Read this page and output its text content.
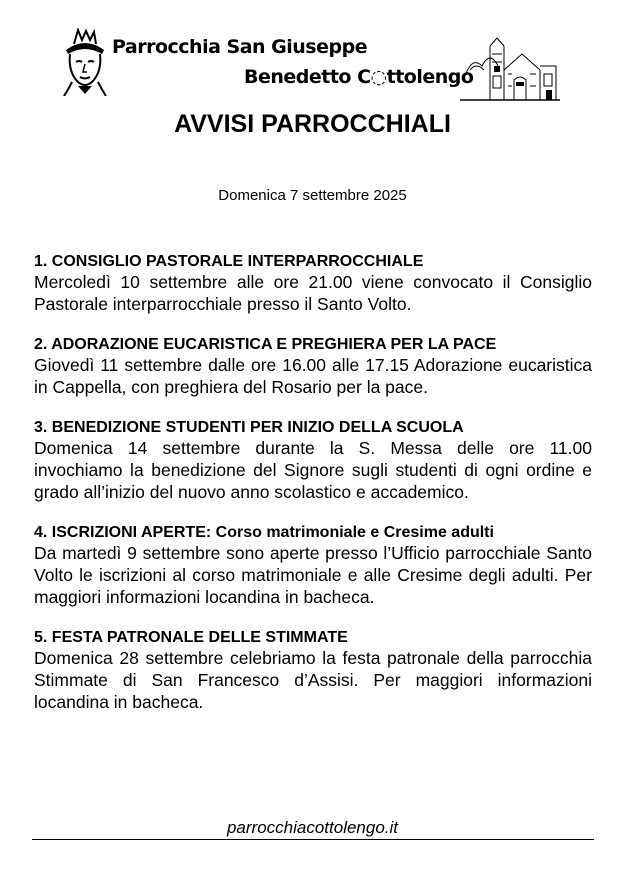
Parrocchia San Giuseppe
Benedetto C◌ttolengo
AVVISI PARROCCHIALI
Domenica 7 settembre 2025
1. CONSIGLIO PASTORALE INTERPARROCCHIALE
Mercoledì 10 settembre alle ore 21.00 viene convocato il Consiglio Pastorale interparrocchiale presso il Santo Volto.
2. ADORAZIONE EUCARISTICA E PREGHIERA PER LA PACE
Giovedì 11 settembre dalle ore 16.00 alle 17.15 Adorazione eucaristica in Cappella, con preghiera del Rosario per la pace.
3. BENEDIZIONE STUDENTI PER INIZIO DELLA SCUOLA
Domenica 14 settembre durante la S. Messa delle ore 11.00 invochiamo la benedizione del Signore sugli studenti di ogni ordine e grado all’inizio del nuovo anno scolastico e accademico.
4. ISCRIZIONI APERTE: Corso matrimoniale e Cresime adulti
Da martedì 9 settembre sono aperte presso l’Ufficio parrocchiale Santo Volto le iscrizioni al corso matrimoniale e alle Cresime degli adulti. Per maggiori informazioni locandina in bacheca.
5. FESTA PATRONALE DELLE STIMMATE
Domenica 28 settembre celebriamo la festa patronale della parrocchia Stimmate di San Francesco d’Assisi. Per maggiori informazioni locandina in bacheca.
parrocchiacottolengo.it
